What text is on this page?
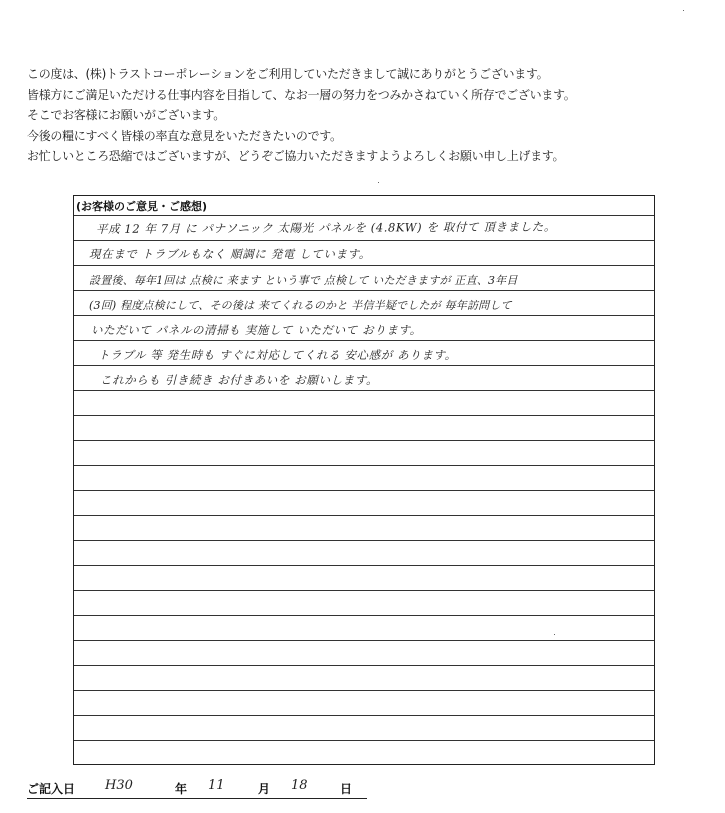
この度は、(株)トラストコーポレーションをご利用していただきまして誠にありがとうございます。
皆様方にご満足いただける仕事内容を目指して、なお一層の努力をつみかさねていく所存でございます。
そこでお客様にお願いがございます。
今後の糧にすべく皆様の率直な意見をいただきたいのです。
お忙しいところ恐縮ではございますが、どうぞご協力いただきますようよろしくお願い申し上げます。
(お客様のご意見・ご感想)
平成 12 年 7月 に パナソニック 太陽光 パネルを (4.8KW) を 取付て 頂きました。
現在まで トラブルもなく 順調に 発電 しています。
設置後、毎年1回は 点検に 来ます という事で 点検して いただきますが 正直、3年目
(3回) 程度点検にして、その後は 来てくれるのかと 半信半疑でしたが 毎年訪問して
いただいて パネルの清掃も 実施して いただいて おります。
トラブル 等 発生時も すぐに対応してくれる 安心感が あります。
これからも 引き続き お付きあいを お願いします。
ご記入日 H30	年 11	月 18	日
